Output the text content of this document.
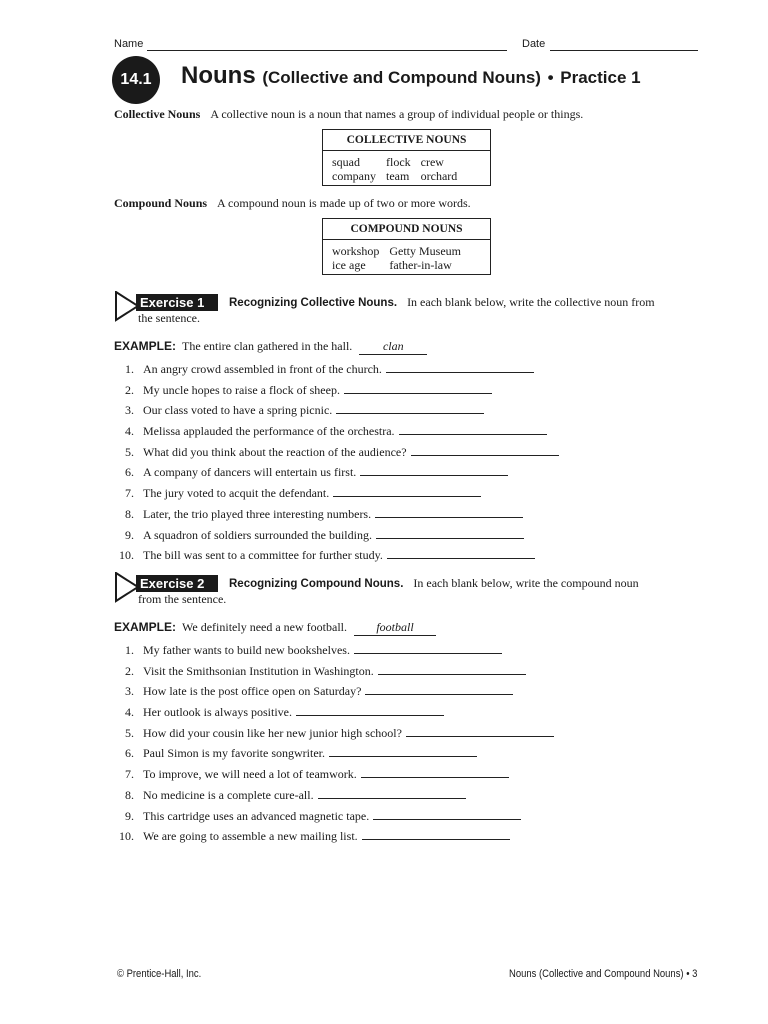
Name	Date
14.1	Nouns (Collective and Compound Nouns) • Practice 1
Collective Nouns A collective noun is a noun that names a group of individual people or things.
COLLECTIVE NOUNS
squad	flock	crew
company	team	orchard
Compound Nouns A compound noun is made up of two or more words.
COMPOUND NOUNS
workshop	Getty Museum
ice age	father-in-law
Exercise 1	Recognizing Collective Nouns. In each blank below, write the collective noun from
the sentence.
EXAMPLE: The entire clan gathered in the hall.	clan
1. An angry crowd assembled in front of the church.
2. My uncle hopes to raise a flock of sheep.
3. Our class voted to have a spring picnic.
4. Melissa applauded the performance of the orchestra.
5. What did you think about the reaction of the audience?
6. A company of dancers will entertain us first.
7. The jury voted to acquit the defendant.
8. Later, the trio played three interesting numbers.
9. A squadron of soldiers surrounded the building.
10. The bill was sent to a committee for further study.
Exercise 2	Recognizing Compound Nouns. In each blank below, write the compound noun
from the sentence.
EXAMPLE: We definitely need a new football. football
1. My father wants to build new bookshelves.
2. Visit the Smithsonian Institution in Washington.
3. How late is the post office open on Saturday?
4. Her outlook is always positive.
5. How did your cousin like her new junior high school?
6. Paul Simon is my favorite songwriter.
7. To improve, we will need a lot of teamwork.
8. No medicine is a complete cure-all.
9. This cartridge uses an advanced magnetic tape.
10. We are going to assemble a new mailing list.
© Prentice-Hall, Inc.	Nouns (Collective and Compound Nouns) • 3
